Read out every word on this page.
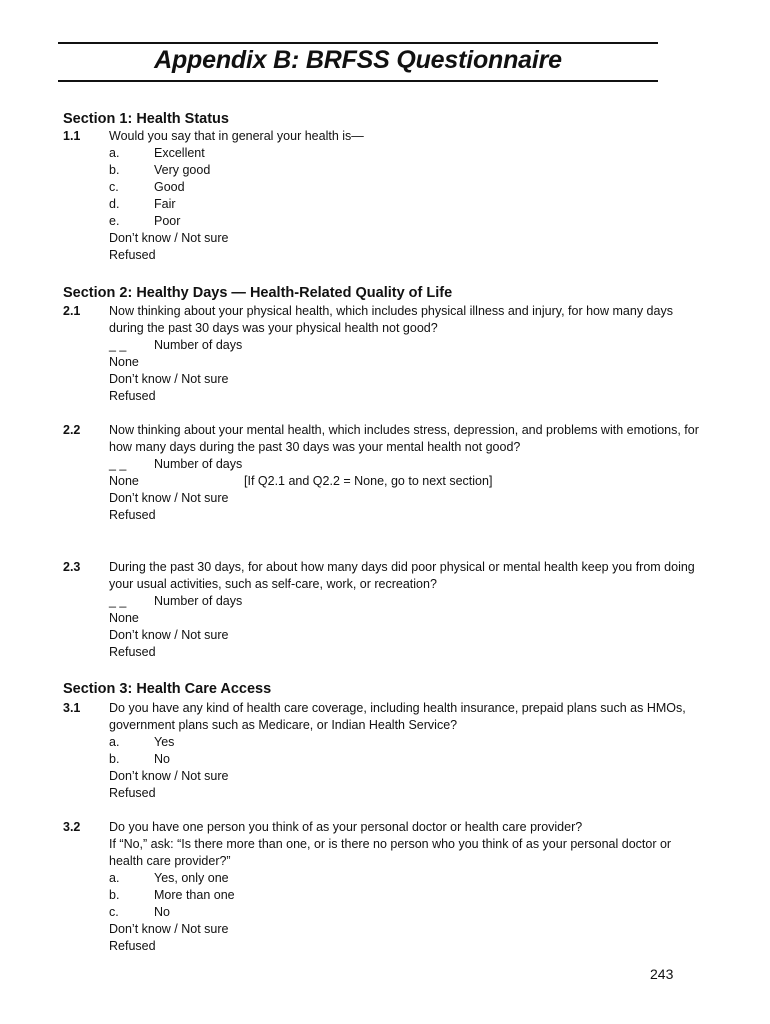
Appendix B: BRFSS Questionnaire
Section 1: Health Status
1.1 Would you say that in general your health is—
a.	Excellent
b.	Very good
c.	Good
d.	Fair
e.	Poor
Don’t know / Not sure
Refused
Section 2: Healthy Days — Health-Related Quality of Life
2.1 Now thinking about your physical health, which includes physical illness and injury, for how many days
during the past 30 days was your physical health not good?
_ _ Number of days
None
Don’t know / Not sure
Refused
2.2 Now thinking about your mental health, which includes stress, depression, and problems with emotions, for
how many days during the past 30 days was your mental health not good?
_ _ Number of days
None	[If Q2.1 and Q2.2 = None, go to next section]
Don’t know / Not sure
Refused
2.3 During the past 30 days, for about how many days did poor physical or mental health keep you from doing
your usual activities, such as self-care, work, or recreation?
_ _ Number of days
None
Don’t know / Not sure
Refused
Section 3: Health Care Access
3.1 Do you have any kind of health care coverage, including health insurance, prepaid plans such as HMOs,
government plans such as Medicare, or Indian Health Service?
a.	Yes
b.	No
Don’t know / Not sure
Refused
3.2 Do you have one person you think of as your personal doctor or health care provider?
If “No,” ask: “Is there more than one, or is there no person who you think of as your personal doctor or
health care provider?”
a.	Yes, only one
b.	More than one
c.	No
Don’t know / Not sure
Refused
243
